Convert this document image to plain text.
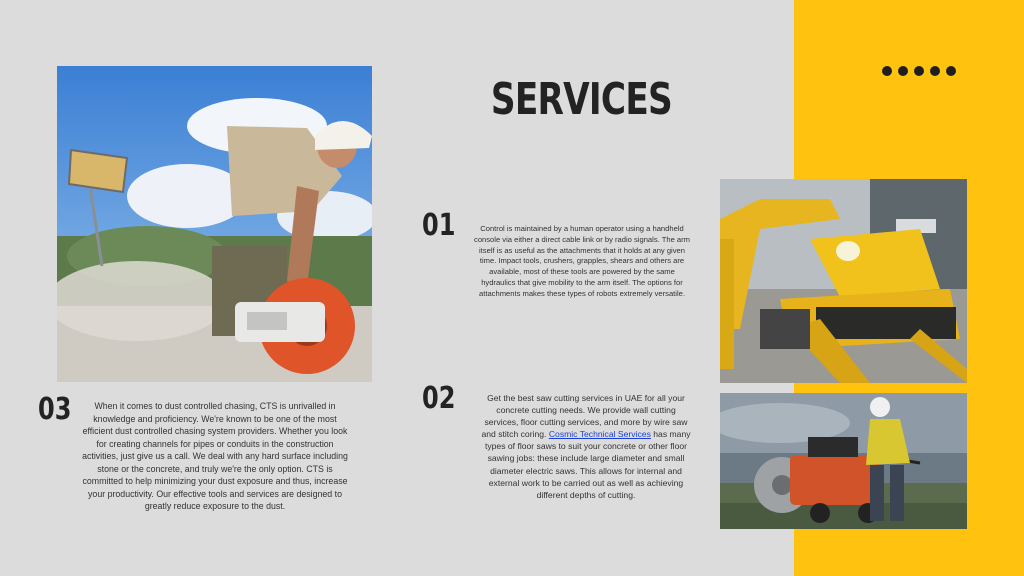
SERVICES
01	Control is maintained by a human operator using a handheld console via either a direct cable link or by radio signals. The arm itself is as useful as the attachments that it holds at any given time. Impact tools, crushers, grapples, shears and others are available, most of these tools are powered by the same hydraulics that give mobility to the arm itself. The options for attachments makes these types of robots extremely versatile.

02	Get the best saw cutting services in UAE for all your concrete cutting needs. We provide wall cutting services, floor cutting services, and more by wire saw and stitch coring. Cosmic Technical Services has many types of floor saws to suit your concrete or other floor sawing jobs: these include large diameter and small diameter electric saws. This allows for internal and external work to be carried out as well as achieving different depths of cutting.

03	When it comes to dust controlled chasing, CTS is unrivalled in knowledge and proficiency. We're known to be one of the most efficient dust controlled chasing system providers. Whether you look for creating channels for pipes or conduits in the construction activities, just give us a call. We deal with any hard surface including stone or the concrete, and truly we're the only option. CTS is committed to help minimizing your dust exposure and thus, increase your productivity. Our effective tools and services are designed to greatly reduce exposure to the dust.
